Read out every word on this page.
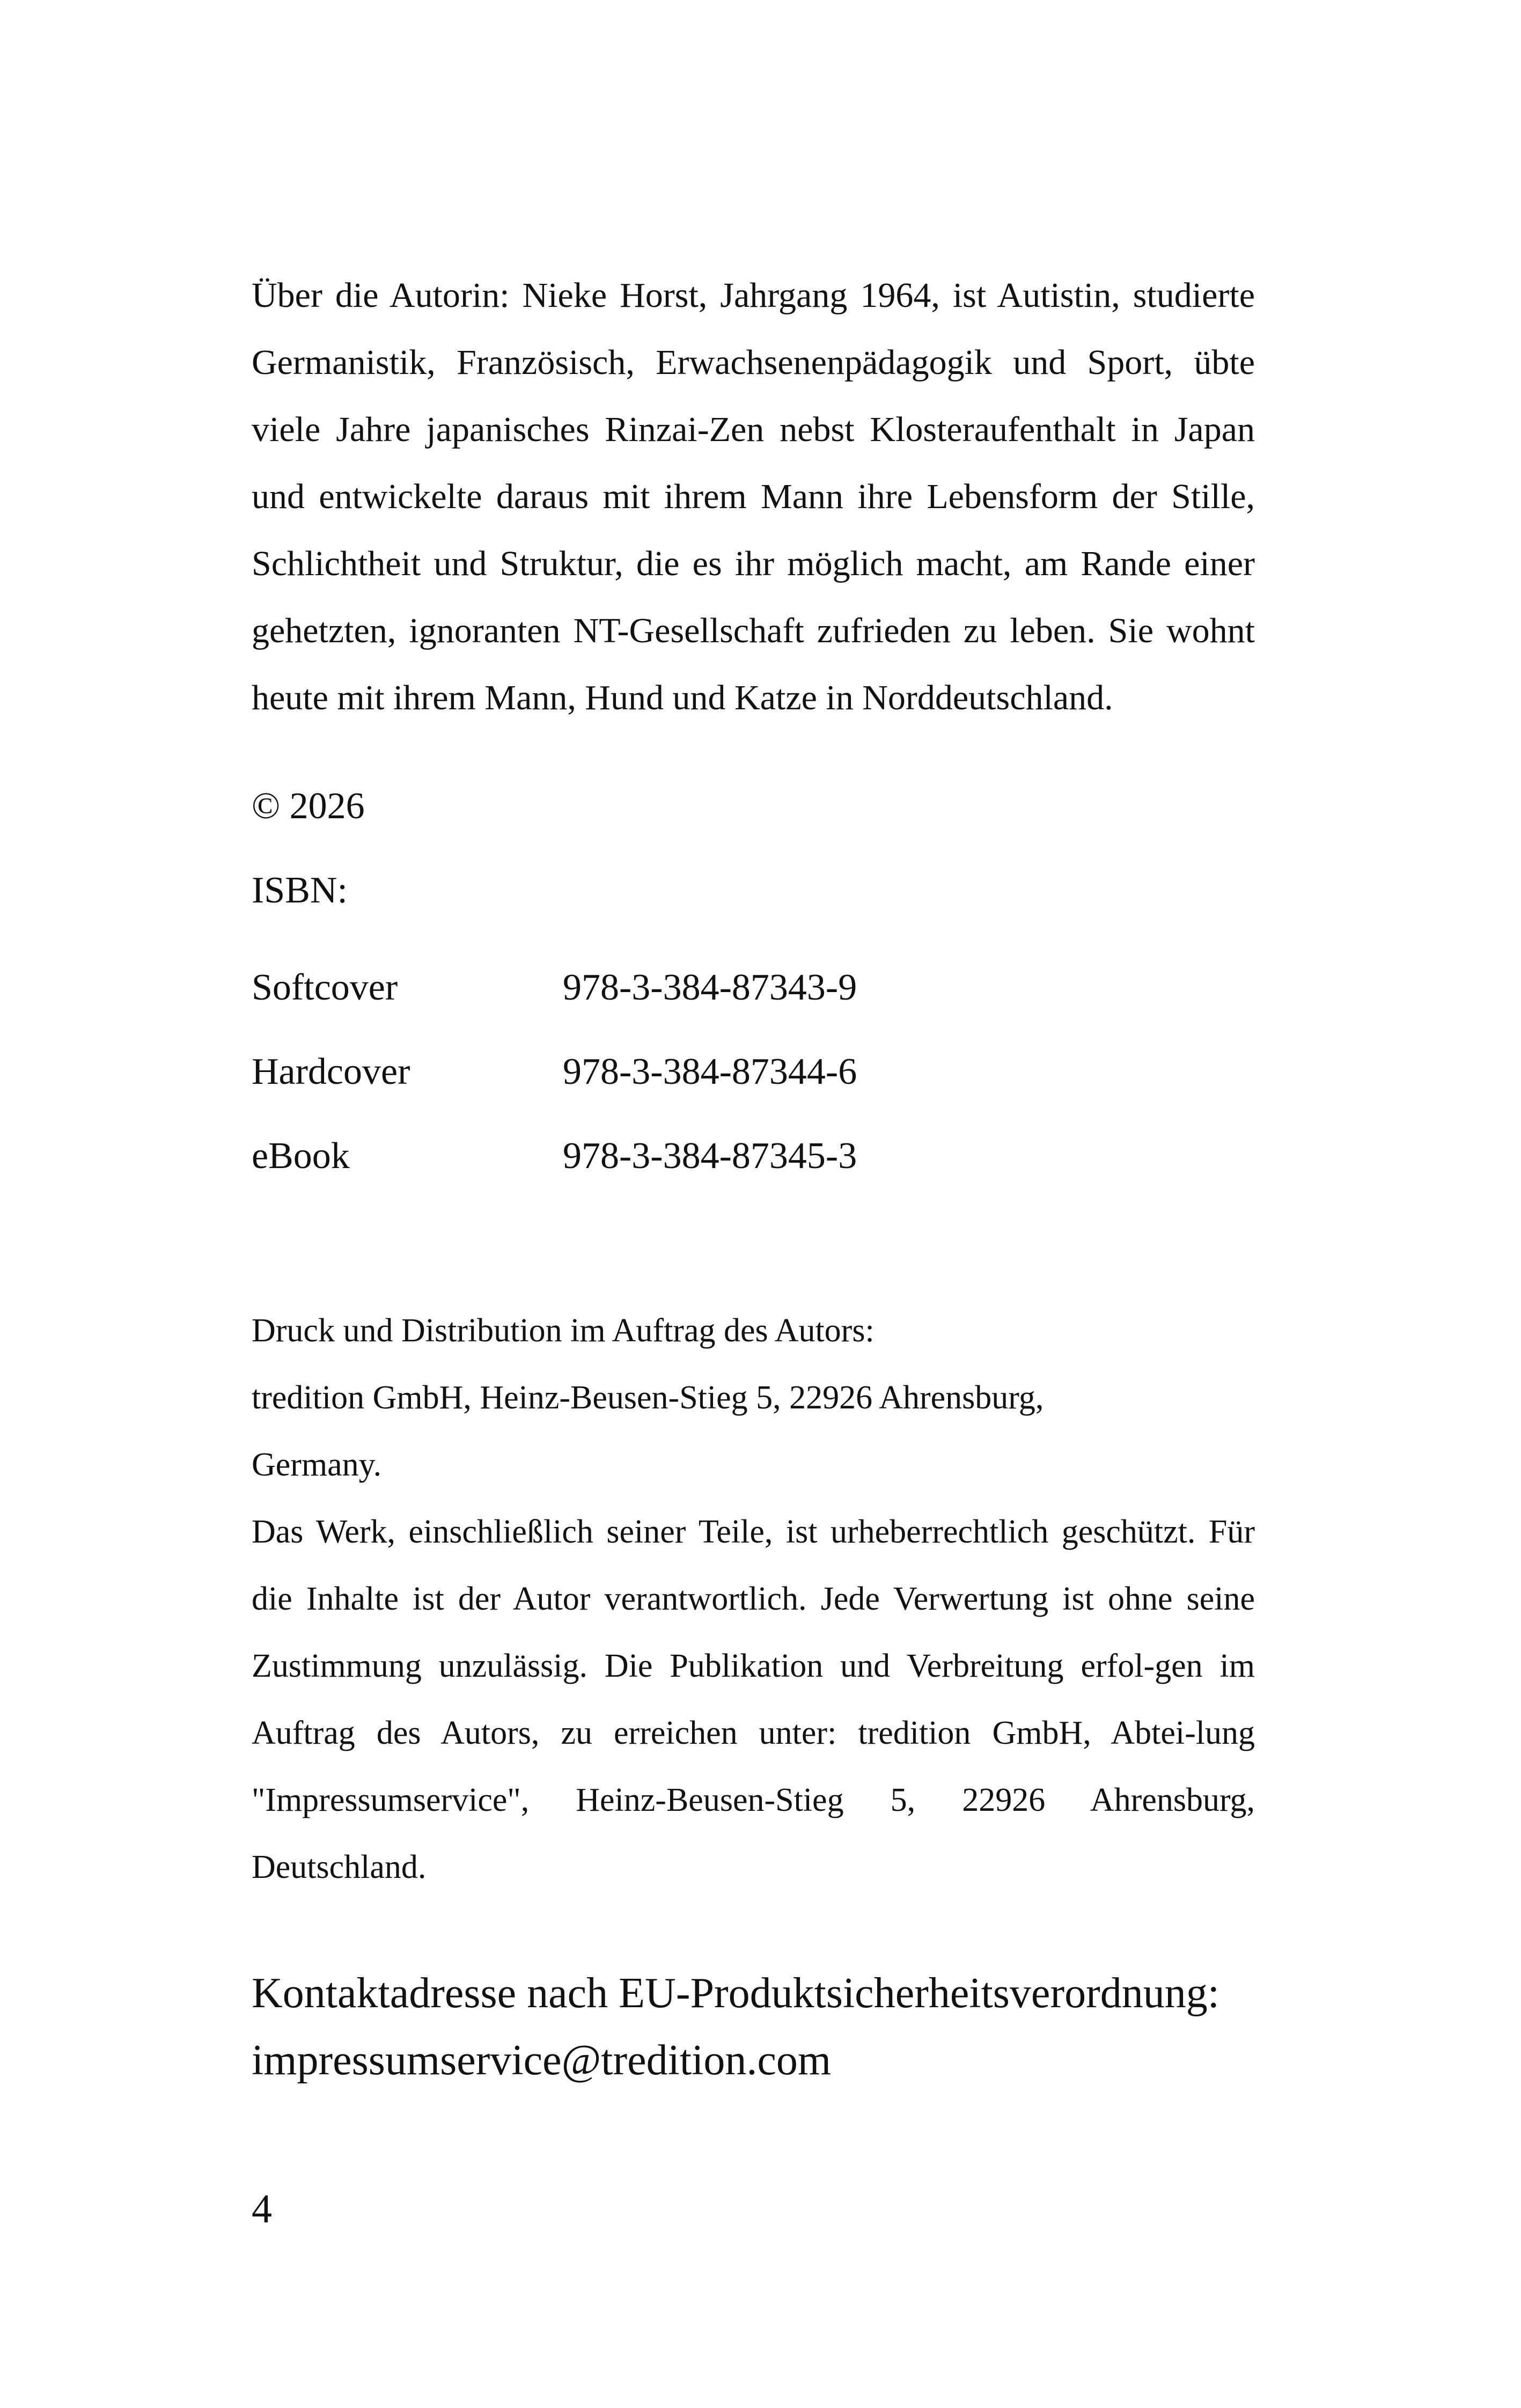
Über die Autorin: Nieke Horst, Jahrgang 1964, ist Autistin, studierte Germanistik, Französisch, Erwachsenenpädagogik und Sport, übte viele Jahre japanisches Rinzai-Zen nebst Klosteraufenthalt in Japan und entwickelte daraus mit ihrem Mann ihre Lebensform der Stille, Schlichtheit und Struktur, die es ihr möglich macht, am Rande einer gehetzten, ignoranten NT-Gesellschaft zufrieden zu leben. Sie wohnt heute mit ihrem Mann, Hund und Katze in Norddeutschland.
© 2026
ISBN:
Softcover	978-3-384-87343-9
Hardcover	978-3-384-87344-6
eBook	978-3-384-87345-3

Druck und Distribution im Auftrag des Autors:

tredition GmbH, Heinz-Beusen-Stieg 5, 22926 Ahrensburg,

Germany.

Das Werk, einschließlich seiner Teile, ist urheberrechtlich geschützt. Für die Inhalte ist der Autor verantwortlich. Jede Verwertung ist ohne seine Zustimmung unzulässig. Die Publikation und Verbreitung erfol-gen im Auftrag des Autors, zu erreichen unter: tredition GmbH, Abtei-lung "Impressumservice", Heinz-Beusen-Stieg 5, 22926 Ahrensburg, Deutschland.

Kontaktadresse nach EU-Produktsicherheitsverordnung:

impressumservice@tredition.com

4
